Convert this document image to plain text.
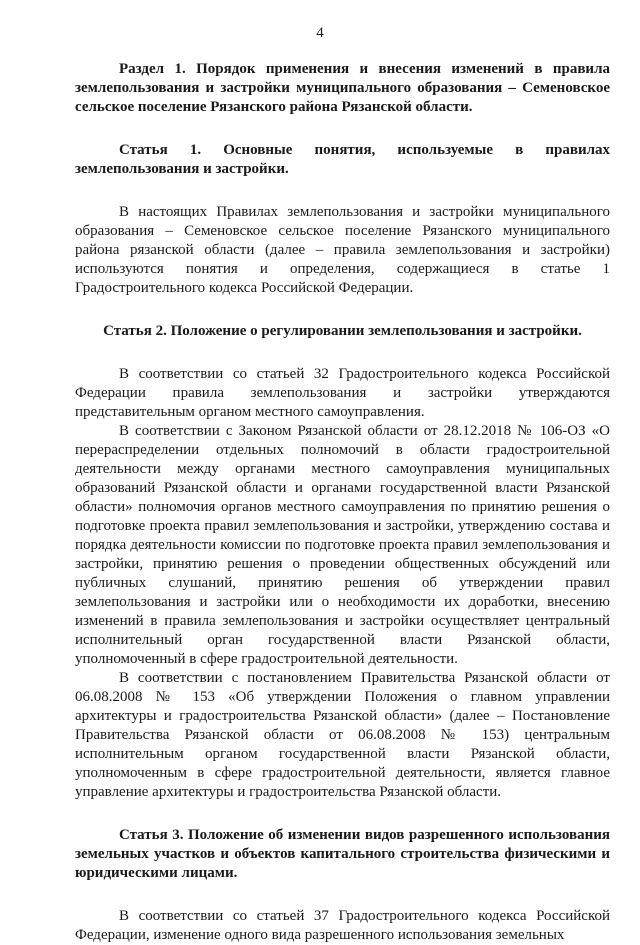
4

Раздел 1. Порядок применения и внесения изменений в правила землепользования и застройки муниципального образования – Семеновское сельское поселение Рязанского района Рязанской области.

Статья 1. Основные понятия, используемые в правилах землепользования и застройки.

В настоящих Правилах землепользования и застройки муниципального образования – Семеновское сельское поселение Рязанского муниципального района рязанской области (далее – правила землепользования и застройки) используются понятия и определения, содержащиеся в статье 1 Градостроительного кодекса Российской Федерации.

Статья 2. Положение о регулировании землепользования и застройки.

В соответствии со статьей 32 Градостроительного кодекса Российской Федерации правила землепользования и застройки утверждаются представительным органом местного самоуправления.

В соответствии с Законом Рязанской области от 28.12.2018 № 106-ОЗ «О перераспределении отдельных полномочий в области градостроительной деятельности между органами местного самоуправления муниципальных образований Рязанской области и органами государственной власти Рязанской области» полномочия органов местного самоуправления по принятию решения о подготовке проекта правил землепользования и застройки, утверждению состава и порядка деятельности комиссии по подготовке проекта правил землепользования и застройки, принятию решения о проведении общественных обсуждений или публичных слушаний, принятию решения об утверждении правил землепользования и застройки или о необходимости их доработки, внесению изменений в правила землепользования и застройки осуществляет центральный исполнительный орган государственной власти Рязанской области, уполномоченный в сфере градостроительной деятельности.

В соответствии с постановлением Правительства Рязанской области от 06.08.2008 № 153 «Об утверждении Положения о главном управлении архитектуры и градостроительства Рязанской области» (далее – Постановление Правительства Рязанской области от 06.08.2008 № 153) центральным исполнительным органом государственной власти Рязанской области, уполномоченным в сфере градостроительной деятельности, является главное управление архитектуры и градостроительства Рязанской области.

Статья 3. Положение об изменении видов разрешенного использования земельных участков и объектов капитального строительства физическими и юридическими лицами.

В соответствии со статьей 37 Градостроительного кодекса Российской Федерации, изменение одного вида разрешенного использования земельных
